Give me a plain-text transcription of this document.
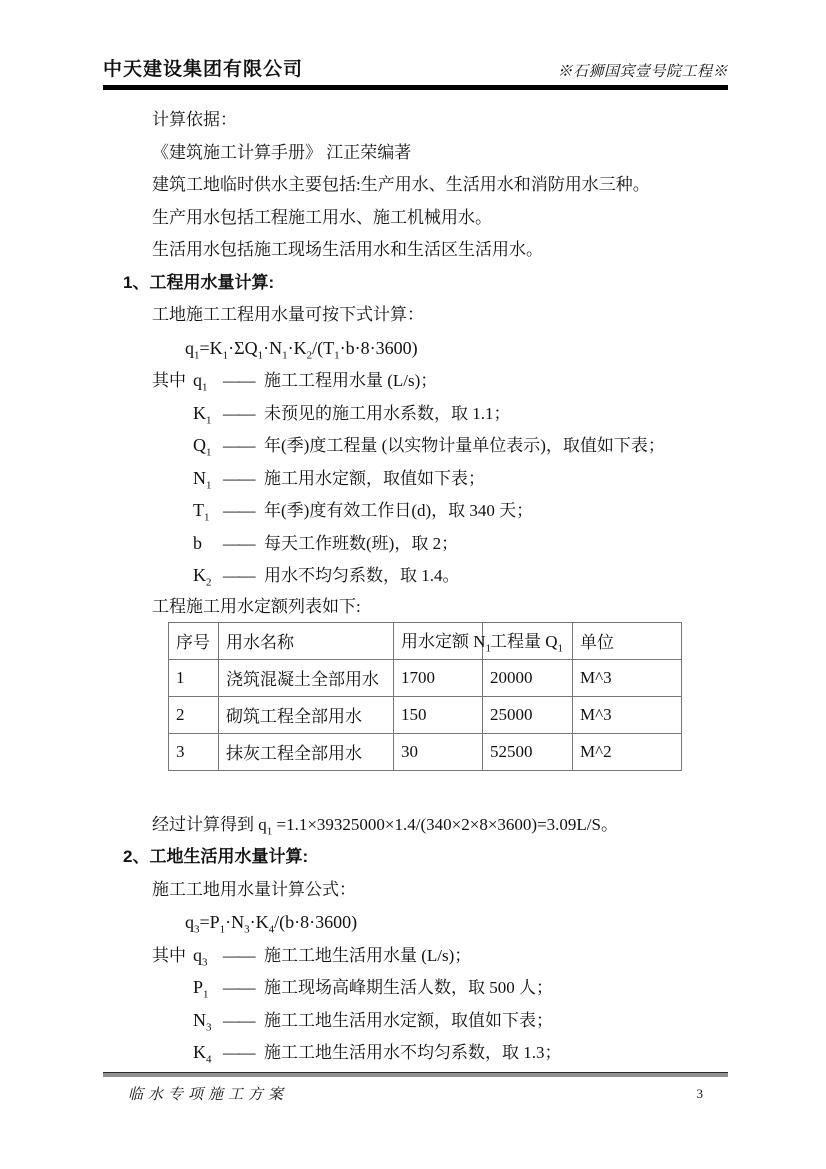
中天建设集团有限公司	※石狮国宾壹号院工程※
计算依据：
《建筑施工计算手册》 江正荣编著
建筑工地临时供水主要包括:生产用水、生活用水和消防用水三种。
生产用水包括工程施工用水、施工机械用水。
生活用水包括施工现场生活用水和生活区生活用水。
1、工程用水量计算:
工地施工工程用水量可按下式计算：
$q_1=K_1\cdot\Sigma Q_1\cdot N_1\cdot K_2/(T_1\cdot b\cdot 8\cdot 3600)$
其中 $q_1$ —— 施工工程用水量 (L/s)；
$K_1$ —— 未预见的施工用水系数，取 1.1；
$Q_1$ —— 年(季)度工程量 (以实物计量单位表示)，取值如下表；
$N_1$ —— 施工用水定额，取值如下表；
$T_1$ —— 年(季)度有效工作日(d)，取 340 天；
b —— 每天工作班数(班)，取 2；
$K_2$ —— 用水不均匀系数，取 1.4。
工程施工用水定额列表如下:
序号	用水名称	用水定额 $N_1$	工程量 $Q_1$	单位
1	浇筑混凝土全部用水	1700	20000	M^3
2	砌筑工程全部用水	150	25000	M^3
3	抹灰工程全部用水	30	52500	M^2
经过计算得到 $q_1 =1.1\times 39325000\times 1.4/(340\times 2\times 8\times 3600)=3.09L/S$。
2、工地生活用水量计算:
施工工地用水量计算公式：
$q_3=P_1\cdot N_3\cdot K_4/(b\cdot 8\cdot 3600)$
其中 $q_3$ —— 施工工地生活用水量 (L/s)；
$P_1$ —— 施工现场高峰期生活人数，取 500 人；
$N_3$ —— 施工工地生活用水定额，取值如下表；
$K_4$ —— 施工工地生活用水不均匀系数，取 1.3；
临水专项施工方案	3
